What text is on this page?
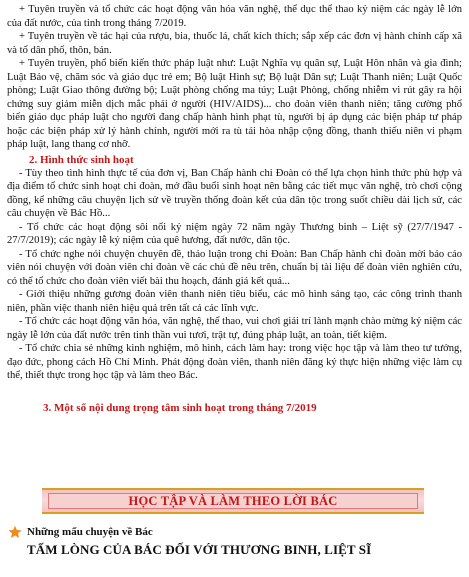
+ Tuyên truyền và tổ chức các hoạt động văn hóa văn nghệ, thể dục thể thao kỷ niệm các ngày lễ lớn của đất nước, của tỉnh trong tháng 7/2019.

+ Tuyên truyền về tác hại của rượu, bia, thuốc lá, chất kích thích; sắp xếp các đơn vị hành chính cấp xã và tổ dân phố, thôn, bản.

+ Tuyên truyền, phổ biến kiến thức pháp luật như: Luật Nghĩa vụ quân sự, Luật Hôn nhân và gia đình; Luật Bảo vệ, chăm sóc và giáo dục trẻ em; Bộ luật Hình sự; Bộ luật Dân sự; Luật Thanh niên; Luật Quốc phòng; Luật Giao thông đường bộ; Luật phòng chống ma túy; Luật Phòng, chống nhiễm vi rút gây ra hội chứng suy giảm miễn dịch mắc phải ở người (HIV/AIDS)... cho đoàn viên thanh niên; tăng cường phổ biến giáo dục pháp luật cho người đang chấp hành hình phạt tù, người bị áp dụng các biện pháp tư pháp hoặc các biện pháp xử lý hành chính, người mới ra tù tái hòa nhập cộng đồng, thanh thiếu niên vi phạm pháp luật, lang thang cơ nhỡ.

2. Hình thức sinh hoạt

- Tùy theo tình hình thực tế của đơn vị, Ban Chấp hành chi Đoàn có thể lựa chọn hình thức phù hợp và địa điểm tổ chức sinh hoạt chi đoàn, mở đầu buổi sinh hoạt nên bằng các tiết mục văn nghệ, trò chơi cộng đồng, kể những câu chuyện lịch sử về truyền thống đoàn kết của dân tộc trong suốt chiều dài lịch sử, các câu chuyện về Bác Hồ...

- Tổ chức các hoạt động sôi nổi kỷ niệm ngày 72 năm ngày Thương binh – Liệt sỹ (27/7/1947 - 27/7/2019); các ngày lễ kỷ niệm của quê hương, đất nước, dân tộc.

- Tổ chức nghe nói chuyện chuyên đề, thảo luận trong chi Đoàn: Ban Chấp hành chi đoàn mời báo cáo viên nói chuyện với đoàn viên chi đoàn về các chủ đề nêu trên, chuẩn bị tài liệu để đoàn viên nghiên cứu, có thể tổ chức cho đoàn viên viết bài thu hoạch, đánh giá kết quả...

- Giới thiệu những gương đoàn viên thanh niên tiêu biểu, các mô hình sáng tạo, các công trình thanh niên, phần việc thanh niên hiệu quả trên tất cả các lĩnh vực.

- Tổ chức các hoạt động văn hóa, văn nghệ, thể thao, vui chơi giải trí lành mạnh chào mừng kỷ niệm các ngày lễ lớn của đất nước trên tinh thần vui tươi, trật tự, đúng pháp luật, an toàn, tiết kiệm.

- Tổ chức chia sẻ những kinh nghiệm, mô hình, cách làm hay: trong việc học tập và làm theo tư tưởng, đạo đức, phong cách Hồ Chí Minh. Phát động đoàn viên, thanh niên đăng ký thực hiện những việc làm cụ thể, thiết thực trong học tập và làm theo Bác.

3. Một số nội dung trọng tâm sinh hoạt trong tháng 7/2019
HỌC TẬP VÀ LÀM THEO LỜI BÁC
Những mẩu chuyện về Bác
TẤM LÒNG CỦA BÁC ĐỐI VỚI THƯƠNG BINH, LIỆT SĨ
